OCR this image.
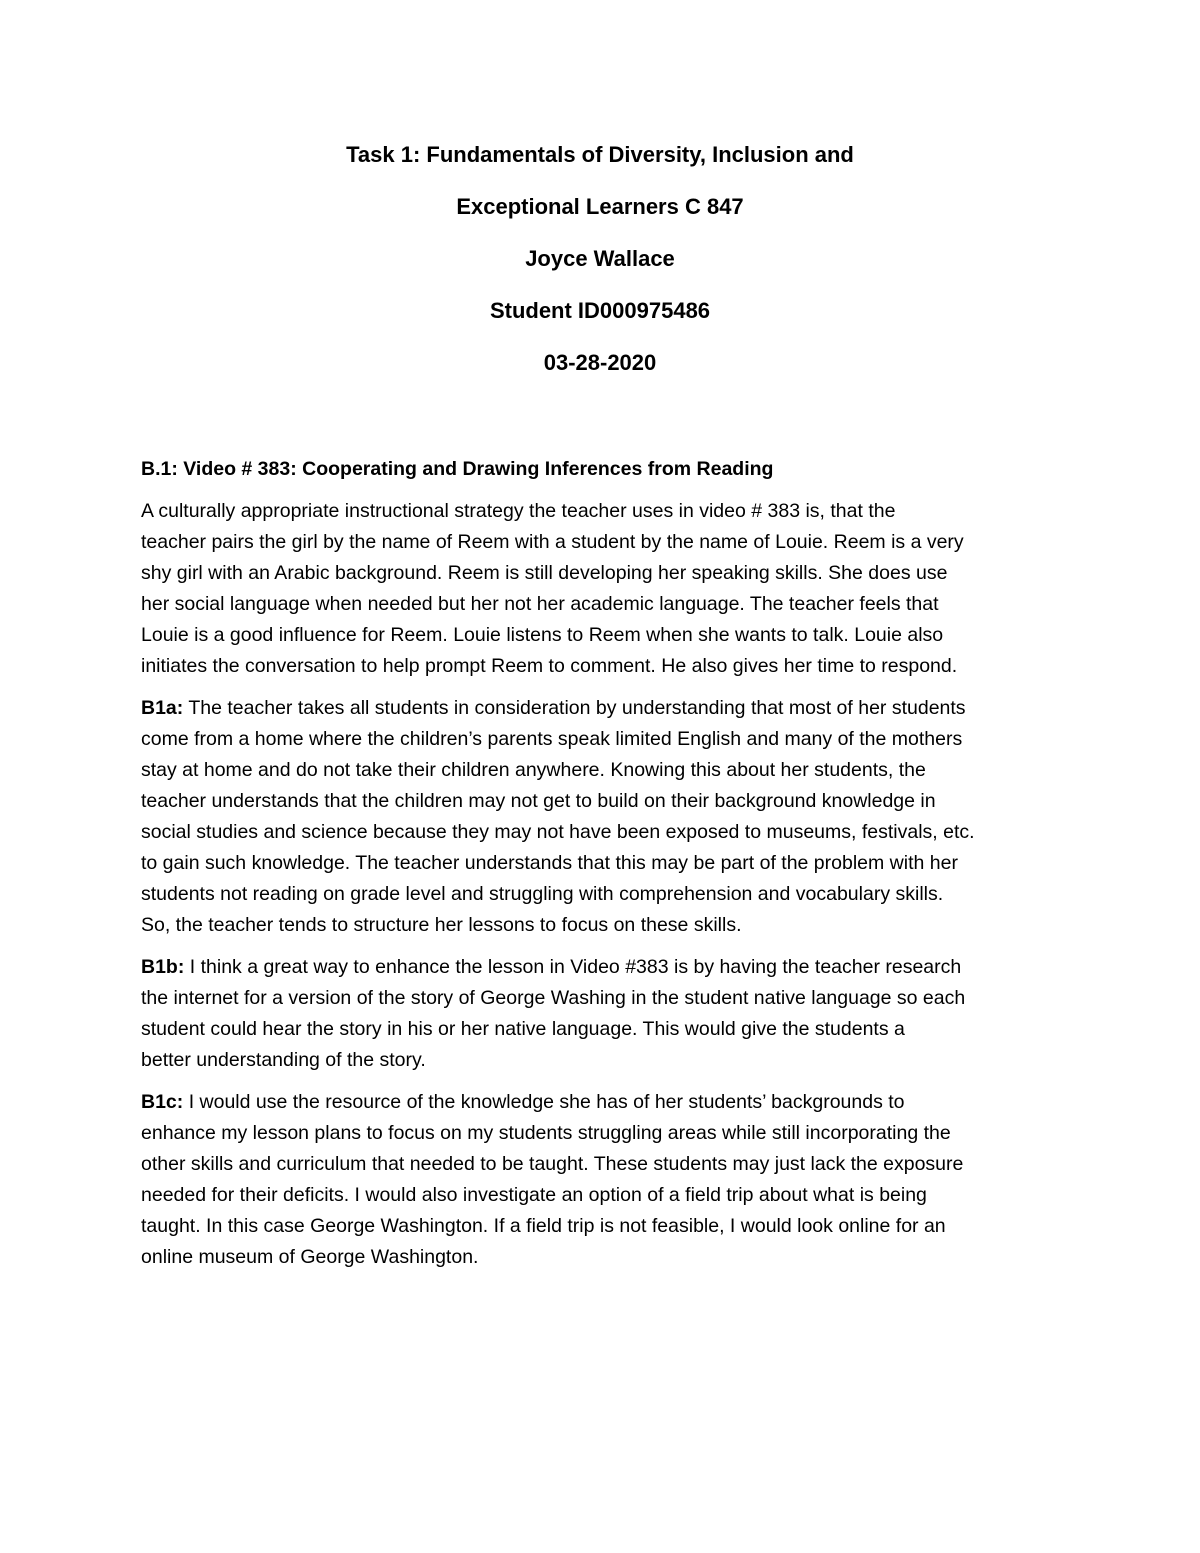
Task 1: Fundamentals of Diversity, Inclusion and
Exceptional Learners C 847
Joyce Wallace
Student ID000975486
03-28-2020
B.1: Video # 383: Cooperating and Drawing Inferences from Reading
A culturally appropriate instructional strategy the teacher uses in video # 383 is, that the
teacher pairs the girl by the name of Reem with a student by the name of Louie. Reem is a very
shy girl with an Arabic background. Reem is still developing her speaking skills. She does use
her social language when needed but her not her academic language. The teacher feels that
Louie is a good influence for Reem. Louie listens to Reem when she wants to talk. Louie also
initiates the conversation to help prompt Reem to comment. He also gives her time to respond.
B1a: The teacher takes all students in consideration by understanding that most of her students
come from a home where the children’s parents speak limited English and many of the mothers
stay at home and do not take their children anywhere. Knowing this about her students, the
teacher understands that the children may not get to build on their background knowledge in
social studies and science because they may not have been exposed to museums, festivals, etc.
to gain such knowledge. The teacher understands that this may be part of the problem with her
students not reading on grade level and struggling with comprehension and vocabulary skills.
So, the teacher tends to structure her lessons to focus on these skills.
B1b: I think a great way to enhance the lesson in Video #383 is by having the teacher research
the internet for a version of the story of George Washing in the student native language so each
student could hear the story in his or her native language. This would give the students a
better understanding of the story.
B1c: I would use the resource of the knowledge she has of her students’ backgrounds to
enhance my lesson plans to focus on my students struggling areas while still incorporating the
other skills and curriculum that needed to be taught. These students may just lack the exposure
needed for their deficits. I would also investigate an option of a field trip about what is being
taught. In this case George Washington. If a field trip is not feasible, I would look online for an
online museum of George Washington.
